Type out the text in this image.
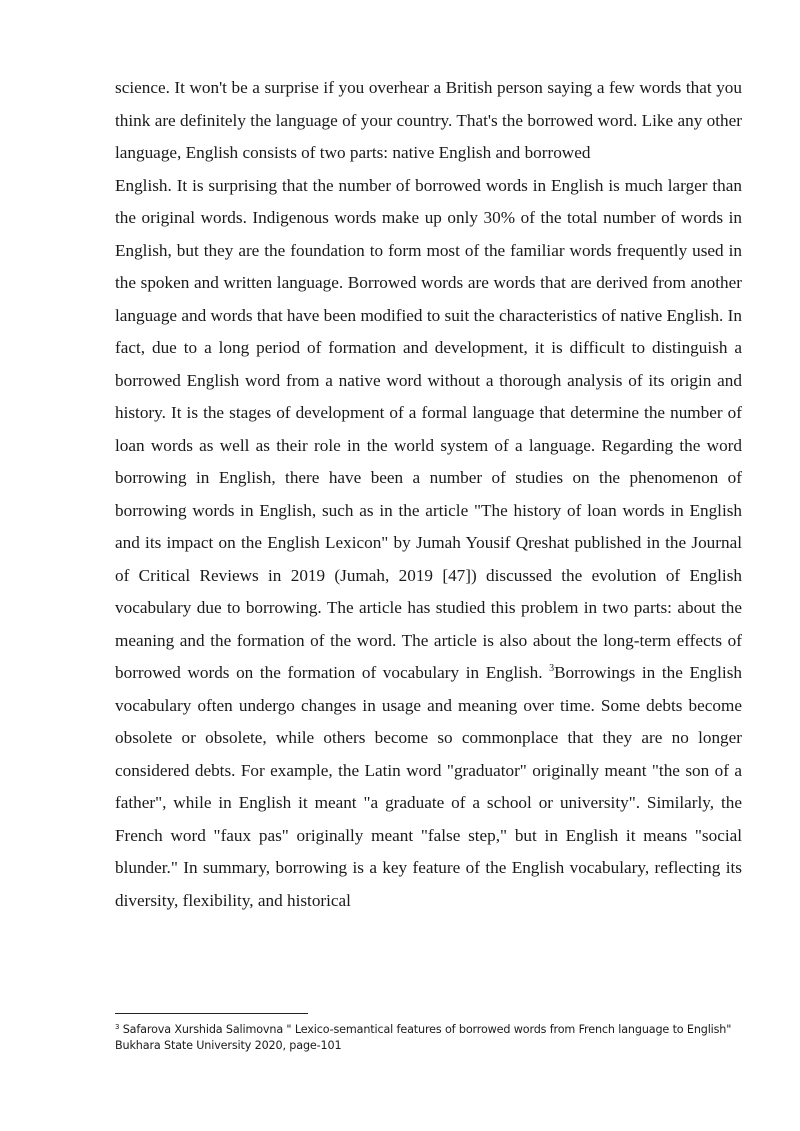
science. It won't be a surprise if you overhear a British person saying a few words that you think are definitely the language of your country. That's the borrowed word. Like any other language, English consists of two parts: native English and borrowed

English. It is surprising that the number of borrowed words in English is much larger than the original words. Indigenous words make up only 30% of the total number of words in English, but they are the foundation to form most of the familiar words frequently used in the spoken and written language. Borrowed words are words that are derived from another language and words that have been modified to suit the characteristics of native English. In fact, due to a long period of formation and development, it is difficult to distinguish a borrowed English word from a native word without a thorough analysis of its origin and history. It is the stages of development of a formal language that determine the number of loan words as well as their role in the world system of a language. Regarding the word borrowing in English, there have been a number of studies on the phenomenon of borrowing words in English, such as in the article "The history of loan words in English and its impact on the English Lexicon" by Jumah Yousif Qreshat published in the Journal of Critical Reviews in 2019 (Jumah, 2019 [47]) discussed the evolution of English vocabulary due to borrowing. The article has studied this problem in two parts: about the meaning and the formation of the word. The article is also about the long-term effects of borrowed words on the formation of vocabulary in English. $^3$Borrowings in the English vocabulary often undergo changes in usage and meaning over time. Some debts become obsolete or obsolete, while others become so commonplace that they are no longer considered debts. For example, the Latin word "graduator" originally meant "the son of a father", while in English it meant "a graduate of a school or university". Similarly, the French word "faux pas" originally meant "false step," but in English it means "social blunder." In summary, borrowing is a key feature of the English vocabulary, reflecting its diversity, flexibility, and historical

$^3$ Safarova Xurshida Salimovna " Lexico-semantical features of borrowed words from French language to English" Bukhara State University 2020, page-101
